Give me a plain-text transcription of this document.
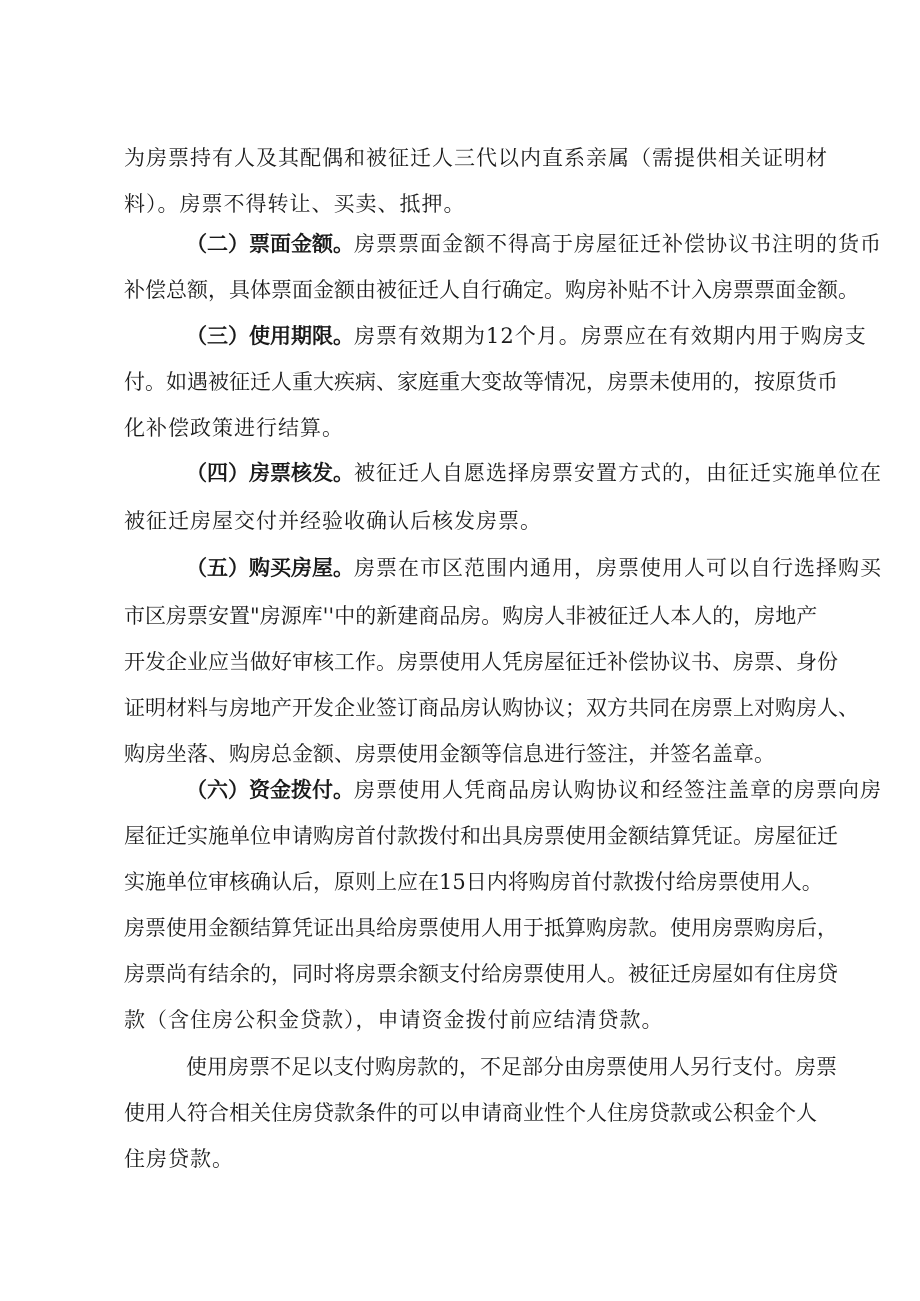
为房票持有人及其配偶和被征迁人三代以内直系亲属（需提供相关证明材
料）。房票不得转让、买卖、抵押。
（二）票面金额。房票票面金额不得高于房屋征迁补偿协议书注明的货币
补偿总额，具体票面金额由被征迁人自行确定。购房补贴不计入房票票面金额。
（三）使用期限。房票有效期为12个月。房票应在有效期内用于购房支
付。如遇被征迁人重大疾病、家庭重大变故等情况，房票未使用的，按原货币
化补偿政策进行结算。
（四）房票核发。被征迁人自愿选择房票安置方式的，由征迁实施单位在
被征迁房屋交付并经验收确认后核发房票。
（五）购买房屋。房票在市区范围内通用，房票使用人可以自行选择购买
市区房票安置"房源库''中的新建商品房。购房人非被征迁人本人的，房地产
开发企业应当做好审核工作。房票使用人凭房屋征迁补偿协议书、房票、身份
证明材料与房地产开发企业签订商品房认购协议；双方共同在房票上对购房人、
购房坐落、购房总金额、房票使用金额等信息进行签注，并签名盖章。
（六）资金拨付。房票使用人凭商品房认购协议和经签注盖章的房票向房
屋征迁实施单位申请购房首付款拨付和出具房票使用金额结算凭证。房屋征迁
实施单位审核确认后，原则上应在15日内将购房首付款拨付给房票使用人。
房票使用金额结算凭证出具给房票使用人用于抵算购房款。使用房票购房后，
房票尚有结余的，同时将房票余额支付给房票使用人。被征迁房屋如有住房贷
款（含住房公积金贷款），申请资金拨付前应结清贷款。
使用房票不足以支付购房款的，不足部分由房票使用人另行支付。房票
使用人符合相关住房贷款条件的可以申请商业性个人住房贷款或公积金个人
住房贷款。
